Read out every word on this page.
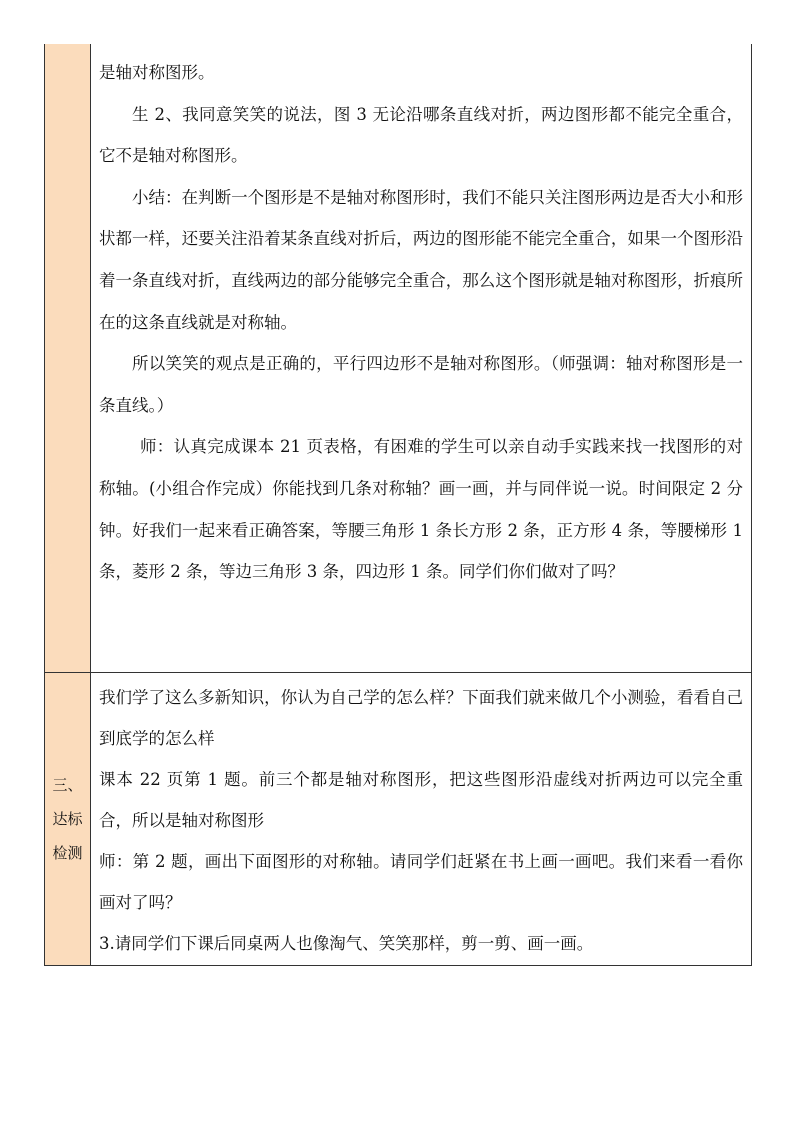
是轴对称图形。

生 2、我同意笑笑的说法，图 3 无论沿哪条直线对折，两边图形都不能完全重合，它不是轴对称图形。

小结：在判断一个图形是不是轴对称图形时，我们不能只关注图形两边是否大小和形状都一样，还要关注沿着某条直线对折后，两边的图形能不能完全重合，如果一个图形沿着一条直线对折，直线两边的部分能够完全重合，那么这个图形就是轴对称图形，折痕所在的这条直线就是对称轴。

所以笑笑的观点是正确的，平行四边形不是轴对称图形。（师强调：轴对称图形是一条直线。）

师：认真完成课本 21 页表格，有困难的学生可以亲自动手实践来找一找图形的对称轴。(小组合作完成）你能找到几条对称轴？画一画，并与同伴说一说。时间限定 2 分钟。好我们一起来看正确答案，等腰三角形 1 条长方形 2 条，正方形 4 条，等腰梯形 1 条，菱形 2 条，等边三角形 3 条，四边形 1 条。同学们你们做对了吗？

三、
达标
检测

我们学了这么多新知识，你认为自己学的怎么样？下面我们就来做几个小测验，看看自己到底学的怎么样

课本 22 页第 1 题。前三个都是轴对称图形，把这些图形沿虚线对折两边可以完全重合，所以是轴对称图形

师：第 2 题，画出下面图形的对称轴。请同学们赶紧在书上画一画吧。我们来看一看你画对了吗？

3.请同学们下课后同桌两人也像淘气、笑笑那样，剪一剪、画一画。
